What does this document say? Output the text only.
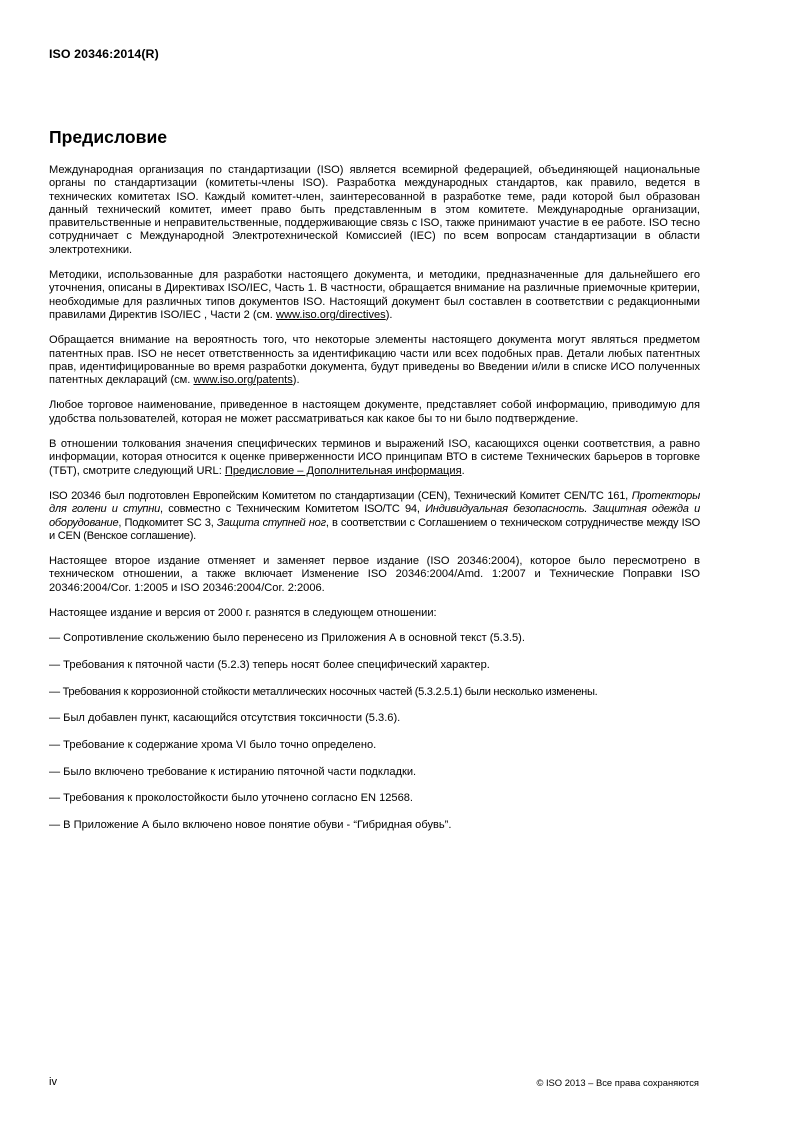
ISO 20346:2014(R)
Предисловие

Международная организация по стандартизации (ISO) является всемирной федерацией, объединяющей национальные органы по стандартизации (комитеты-члены ISO). Разработка международных стандартов, как правило, ведется в технических комитетах ISO. Каждый комитет-член, заинтересованной в разработке теме, ради которой был образован данный технический комитет, имеет право быть представленным в этом комитете. Международные организации, правительственные и неправительственные, поддерживающие связь с ISO, также принимают участие в ее работе. ISO тесно сотрудничает с Международной Электротехнической Комиссией (IEC) по всем вопросам стандартизации в области электротехники.

Методики, использованные для разработки настоящего документа, и методики, предназначенные для дальнейшего его уточнения, описаны в Директивах ISO/IEC, Часть 1. В частности, обращается внимание на различные приемочные критерии, необходимые для различных типов документов ISO. Настоящий документ был составлен в соответствии с редакционными правилами Директив ISO/IEC , Части 2 (см. www.iso.org/directives).

Обращается внимание на вероятность того, что некоторые элементы настоящего документа могут являться предметом патентных прав. ISO не несет ответственность за идентификацию части или всех подобных прав. Детали любых патентных прав, идентифицированные во время разработки документа, будут приведены во Введении и/или в списке ИСО полученных патентных деклараций (см. www.iso.org/patents).

Любое торговое наименование, приведенное в настоящем документе, представляет собой информацию, приводимую для удобства пользователей, которая не может рассматриваться как какое бы то ни было подтверждение.

В отношении толкования значения специфических терминов и выражений ISO, касающихся оценки соответствия, а равно информации, которая относится к оценке приверженности ИСО принципам ВТО в системе Технических барьеров в торговке (ТБТ), смотрите следующий URL: Предисловие – Дополнительная информация.

ISO 20346 был подготовлен Европейским Комитетом по стандартизации (CEN), Технический Комитет CEN/TC 161, Протекторы для голени и ступни, совместно с Техническим Комитетом ISO/TC 94, Индивидуальная безопасность. Защитная одежда и оборудование, Подкомитет SC 3, Защита ступней ног, в соответствии с Соглашением о техническом сотрудничестве между ISO и CEN (Венское соглашение).

Настоящее второе издание отменяет и заменяет первое издание (ISO 20346:2004), которое было пересмотрено в техническом отношении, а также включает Изменение ISO 20346:2004/Amd. 1:2007 и Технические Поправки ISO 20346:2004/Cor. 1:2005 и ISO 20346:2004/Cor. 2:2006.

Настоящее издание и версия от 2000 г. разнятся в следующем отношении:

— Сопротивление скольжению было перенесено из Приложения А в основной текст (5.3.5).

— Требования к пяточной части (5.2.3) теперь носят более специфический характер.

— Требования к коррозионной стойкости металлических носочных частей (5.3.2.5.1) были несколько изменены.

— Был добавлен пункт, касающийся отсутствия токсичности (5.3.6).

— Требование к содержание хрома VI было точно определено.

— Было включено требование к истиранию пяточной части подкладки.

— Требования к проколостойкости было уточнено согласно EN 12568.

— В Приложение А было включено новое понятие обуви - “Гибридная обувь”.

iv	© ISO 2013 – Все права сохраняются
